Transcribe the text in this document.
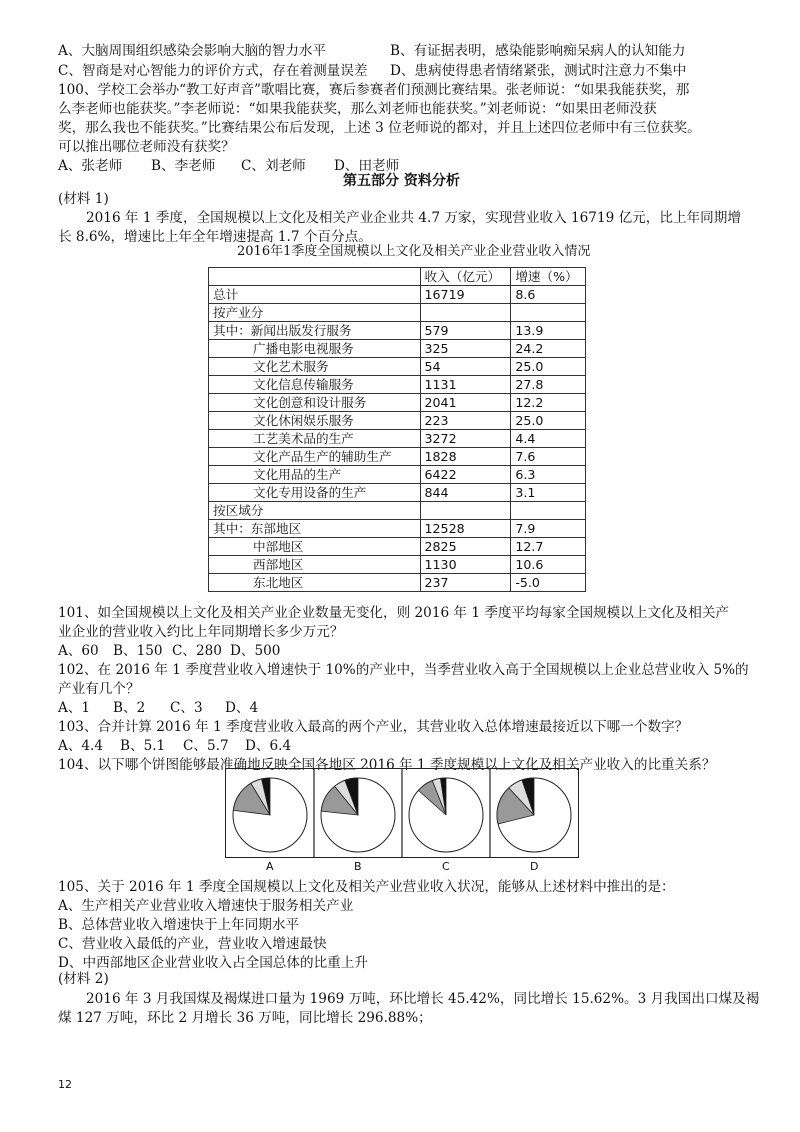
A、大脑周围组织感染会影响大脑的智力水平	B、有证据表明，感染能影响痴呆病人的认知能力
C、智商是对心智能力的评价方式，存在着测量误差 D、患病使得患者情绪紧张，测试时注意力不集中
100、学校工会举办“教工好声音”歌唱比赛，赛后参赛者们预测比赛结果。张老师说：“如果我能获奖，那
么李老师也能获奖。”李老师说：“如果我能获奖，那么刘老师也能获奖。”刘老师说：“如果田老师没获
奖，那么我也不能获奖。”比赛结果公布后发现，上述 3 位老师说的都对，并且上述四位老师中有三位获奖。
可以推出哪位老师没有获奖？
A、张老师 B、李老师 C、刘老师 D、田老师
第五部分 资料分析
(材料 1)
2016 年 1 季度，全国规模以上文化及相关产业企业共 4.7 万家，实现营业收入 16719 亿元，比上年同期增
长 8.6%，增速比上年全年增速提高 1.7 个百分点。
2016年1季度全国规模以上文化及相关产业企业营业收入情况
	收入（亿元）	增速（%）
总计	16719	8.6
按产业分		
其中：新闻出版发行服务	579	13.9
广播电影电视服务	325	24.2
文化艺术服务	54	25.0
文化信息传输服务	1131	27.8
文化创意和设计服务	2041	12.2
文化休闲娱乐服务	223	25.0
工艺美术品的生产	3272	4.4
文化产品生产的辅助生产	1828	7.6
文化用品的生产	6422	6.3
文化专用设备的生产	844	3.1
按区域分		
其中：东部地区	12528	7.9
中部地区	2825	12.7
西部地区	1130	10.6
东北地区	237	-5.0
101、如全国规模以上文化及相关产业企业数量无变化，则 2016 年 1 季度平均每家全国规模以上文化及相关产
业企业的营业收入约比上年同期增长多少万元？
A、60 B、150 C、280 D、500
102、在 2016 年 1 季度营业收入增速快于 10%的产业中，当季营业收入高于全国规模以上企业总营业收入 5%的
产业有几个？
A、1 B、2 C、3 D、4
103、合并计算 2016 年 1 季度营业收入最高的两个产业，其营业收入总体增速最接近以下哪一个数字？
A、4.4 B、5.1 C、5.7 D、6.4
104、以下哪个饼图能够最准确地反映全国各地区 2016 年 1 季度规模以上文化及相关产业收入的比重关系？
A	B	C	D
105、关于 2016 年 1 季度全国规模以上文化及相关产业营业收入状况，能够从上述材料中推出的是：
A、生产相关产业营业收入增速快于服务相关产业
B、总体营业收入增速快于上年同期水平
C、营业收入最低的产业，营业收入增速最快
D、中西部地区企业营业收入占全国总体的比重上升
(材料 2)
2016 年 3 月我国煤及褐煤进口量为 1969 万吨，环比增长 45.42%，同比增长 15.62%。3 月我国出口煤及褐
煤 127 万吨，环比 2 月增长 36 万吨，同比增长 296.88%；
12
